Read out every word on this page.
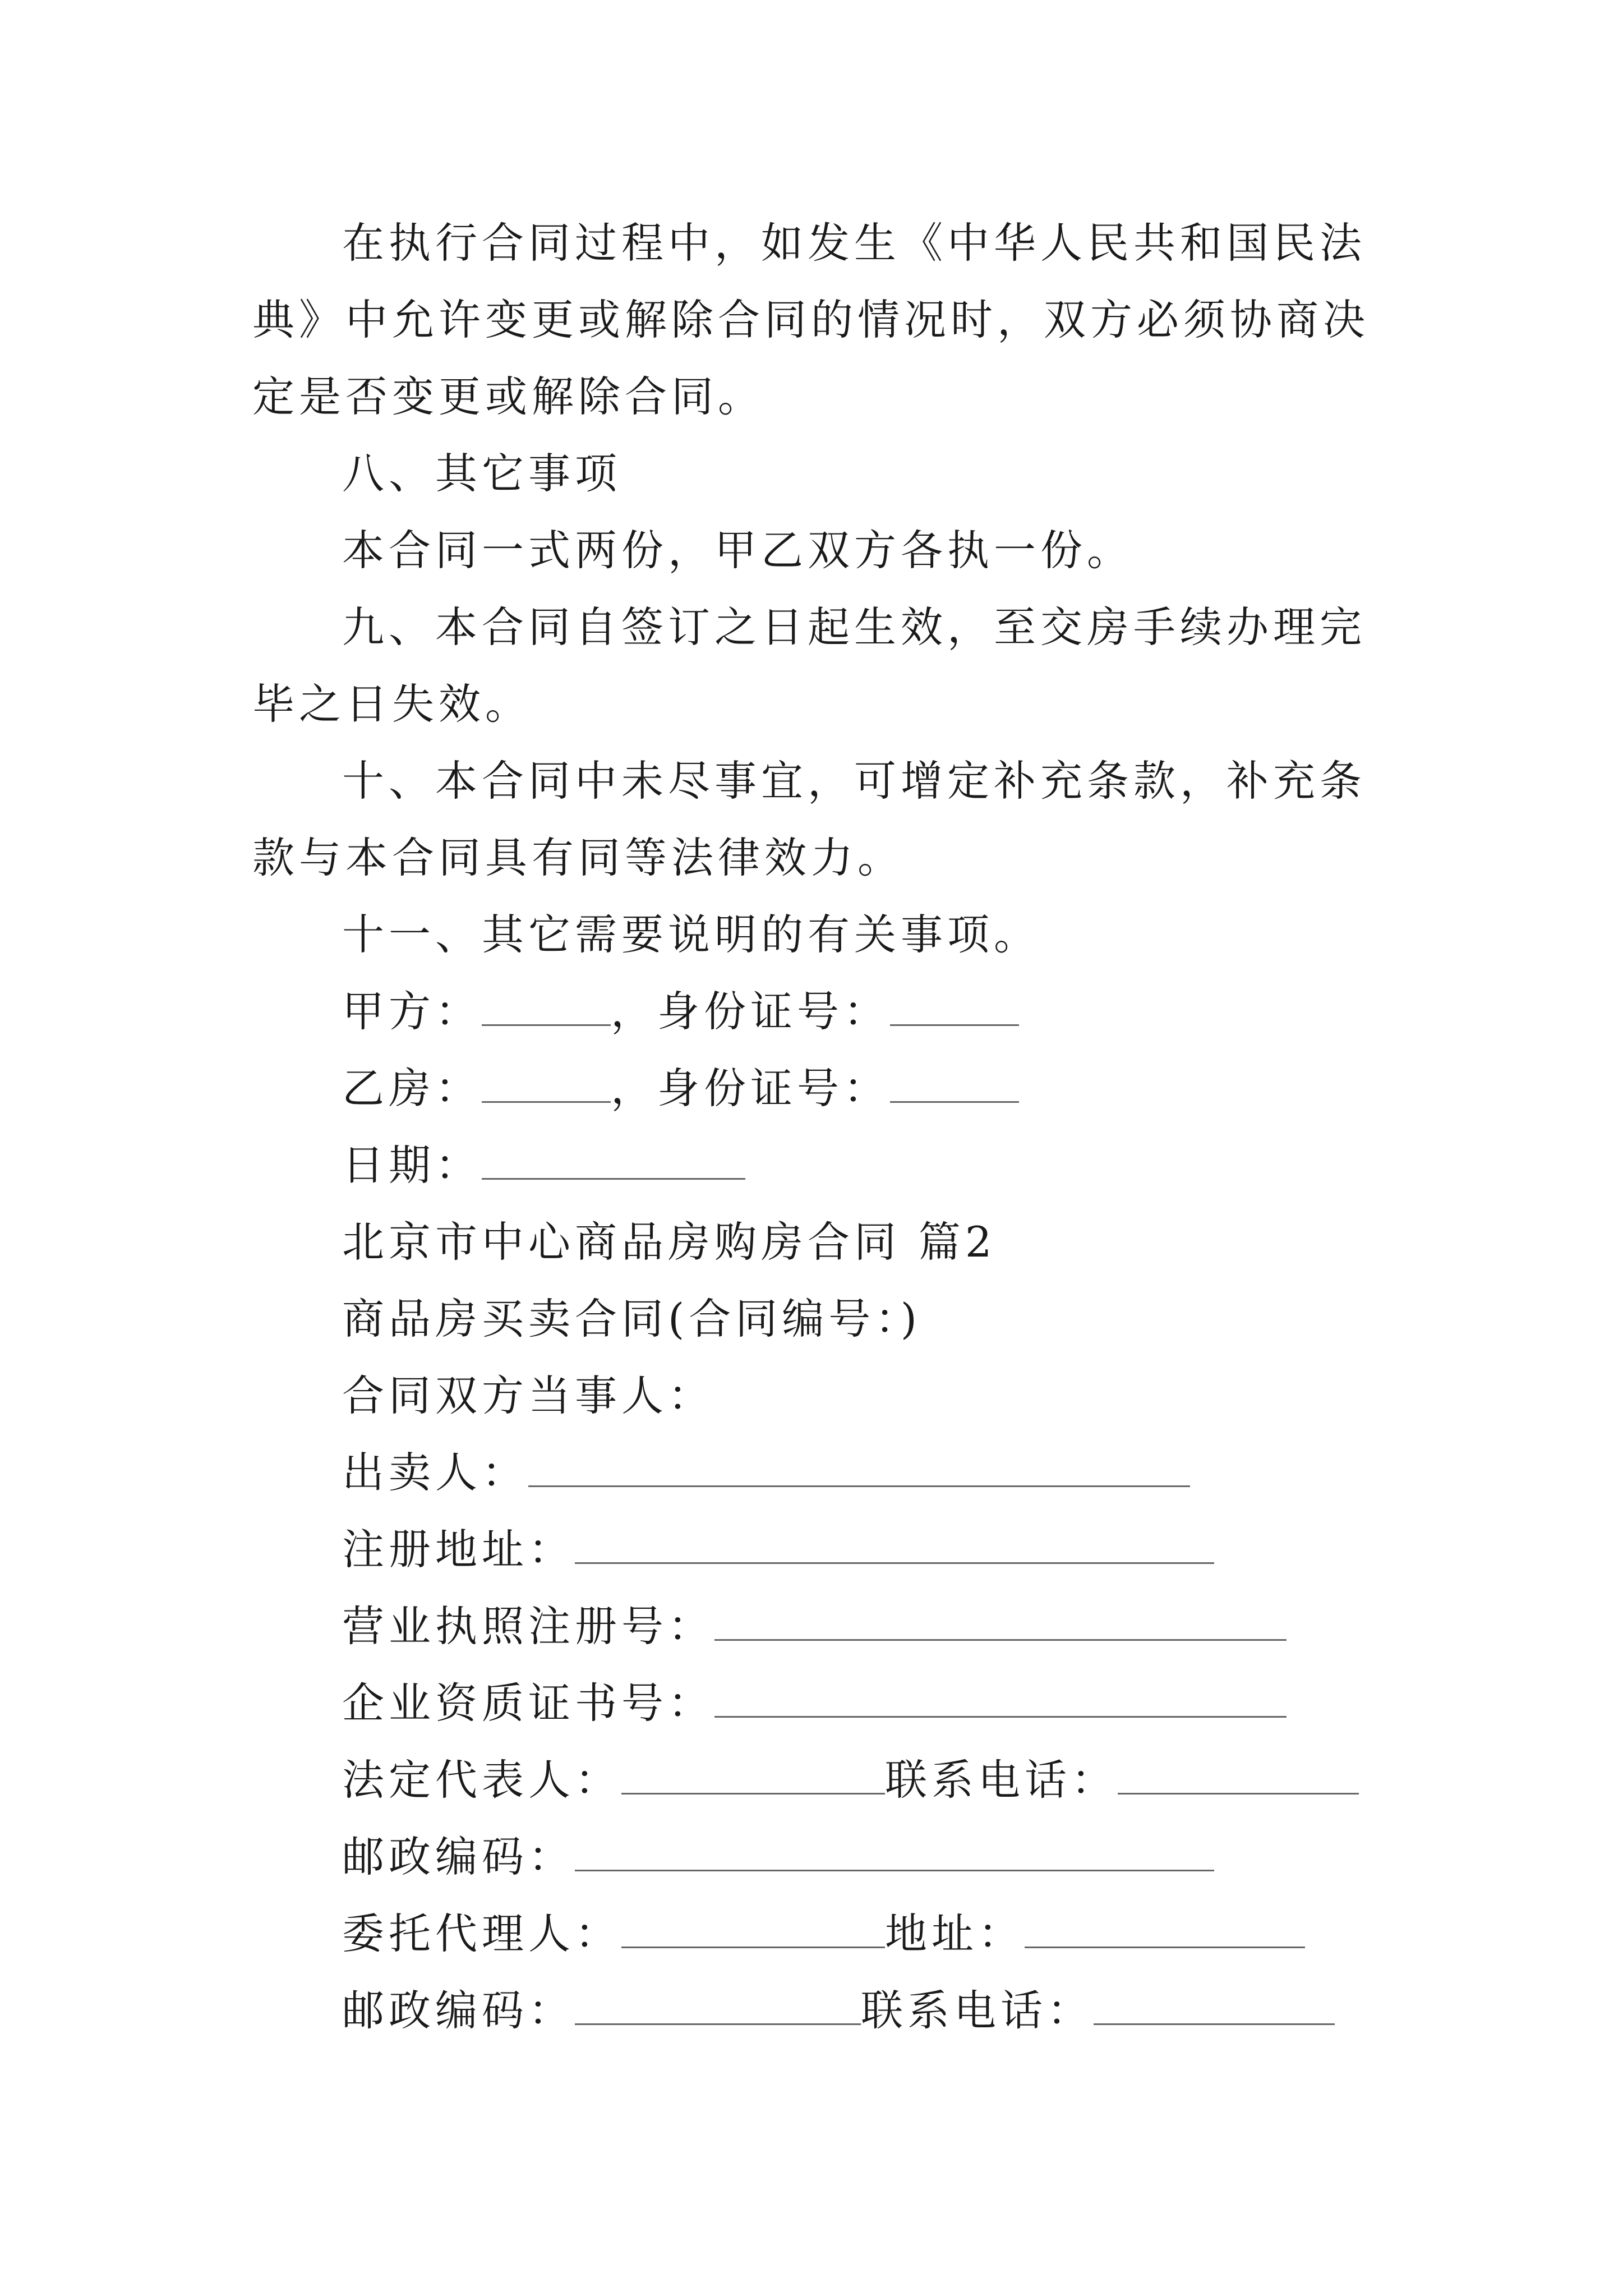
在执行合同过程中，如发生《中华人民共和国民法典》中允许变更或解除合同的情况时，双方必须协商决定是否变更或解除合同。

八、其它事项

本合同一式两份，甲乙双方各执一份。

九、本合同自签订之日起生效，至交房手续办理完毕之日失效。

十、本合同中未尽事宜，可增定补充条款，补充条款与本合同具有同等法律效力。

十一、其它需要说明的有关事项。

甲方：	，身份证号：
乙房：	，身份证号：
日期：

北京市中心商品房购房合同 篇2

商品房买卖合同(合同编号：)

合同双方当事人：

出卖人：
注册地址：
营业执照注册号：
企业资质证书号：
法定代表人：	联系电话：
邮政编码：
委托代理人：	地址：
邮政编码：	联系电话：
